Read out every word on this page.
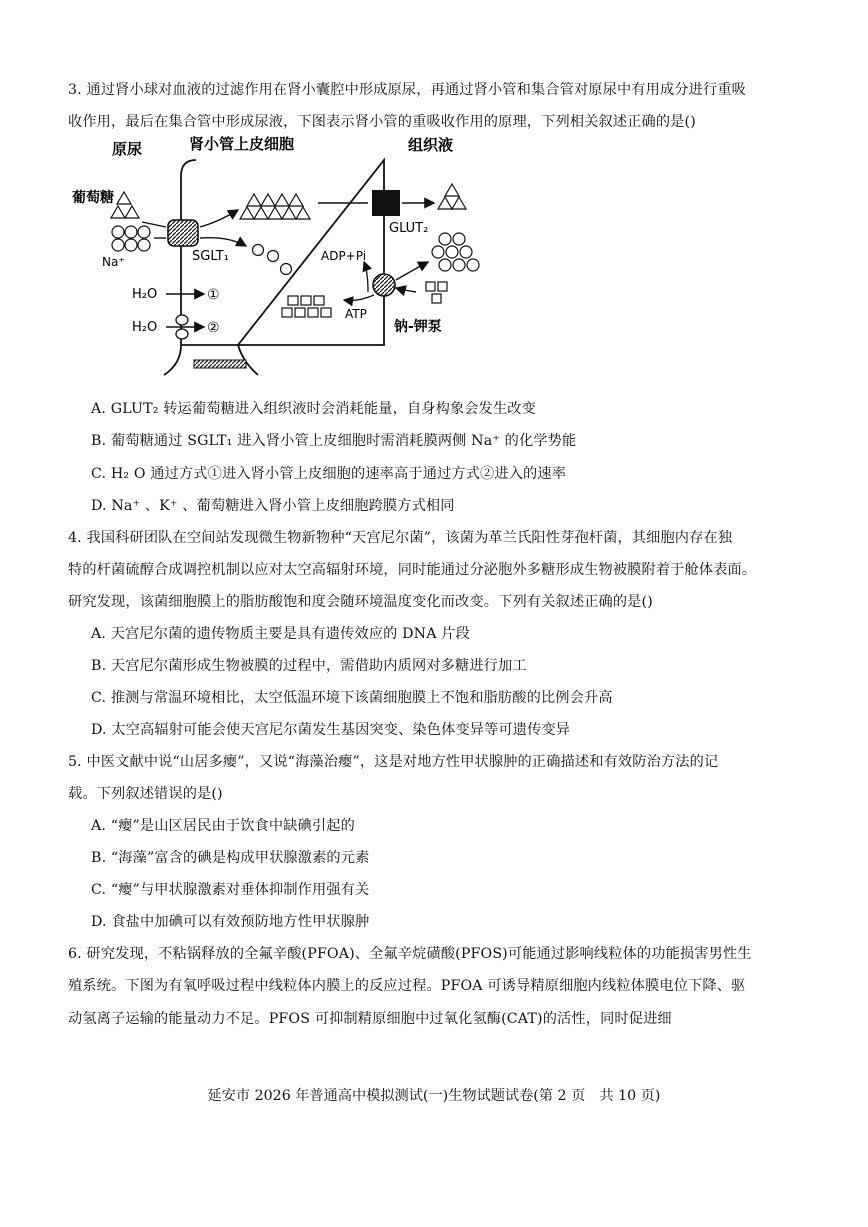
3. 通过肾小球对血液的过滤作用在肾小囊腔中形成原尿，再通过肾小管和集合管对原尿中有用成分进行重吸
收作用，最后在集合管中形成尿液，下图表示肾小管的重吸收作用的原理，下列相关叙述正确的是()
原尿	肾小管上皮细胞	组织液
葡萄糖
Na⁺	SGLT₁
GLUT₂
ADP+Pi
ATP
钠-钾泵
H₂O	①
H₂O	②
A. GLUT₂ 转运葡萄糖进入组织液时会消耗能量，自身构象会发生改变
B. 葡萄糖通过 SGLT₁ 进入肾小管上皮细胞时需消耗膜两侧 Na⁺ 的化学势能
C. H₂ O 通过方式①进入肾小管上皮细胞的速率高于通过方式②进入的速率
D. Na⁺ 、K⁺ 、葡萄糖进入肾小管上皮细胞跨膜方式相同
4. 我国科研团队在空间站发现微生物新物种“天宫尼尔菌”，该菌为革兰氏阳性芽孢杆菌，其细胞内存在独
特的杆菌硫醇合成调控机制以应对太空高辐射环境，同时能通过分泌胞外多糖形成生物被膜附着于舱体表面。
研究发现，该菌细胞膜上的脂肪酸饱和度会随环境温度变化而改变。下列有关叙述正确的是()
A. 天宫尼尔菌的遗传物质主要是具有遗传效应的 DNA 片段
B. 天宫尼尔菌形成生物被膜的过程中，需借助内质网对多糖进行加工
C. 推测与常温环境相比，太空低温环境下该菌细胞膜上不饱和脂肪酸的比例会升高
D. 太空高辐射可能会使天宫尼尔菌发生基因突变、染色体变异等可遗传变异
5. 中医文献中说“山居多瘿”，又说“海藻治瘿”，这是对地方性甲状腺肿的正确描述和有效防治方法的记
载。下列叙述错误的是()
A. “瘿”是山区居民由于饮食中缺碘引起的
B. “海藻”富含的碘是构成甲状腺激素的元素
C. “瘿”与甲状腺激素对垂体抑制作用强有关
D. 食盐中加碘可以有效预防地方性甲状腺肿
6. 研究发现，不粘锅释放的全氟辛酸(PFOA)、全氟辛烷磺酸(PFOS)可能通过影响线粒体的功能损害男性生
殖系统。下图为有氧呼吸过程中线粒体内膜上的反应过程。PFOA 可诱导精原细胞内线粒体膜电位下降、驱
动氢离子运输的能量动力不足。PFOS 可抑制精原细胞中过氧化氢酶(CAT)的活性，同时促进细
延安市 2026 年普通高中模拟测试(一)生物试题试卷(第 2 页　共 10 页)
